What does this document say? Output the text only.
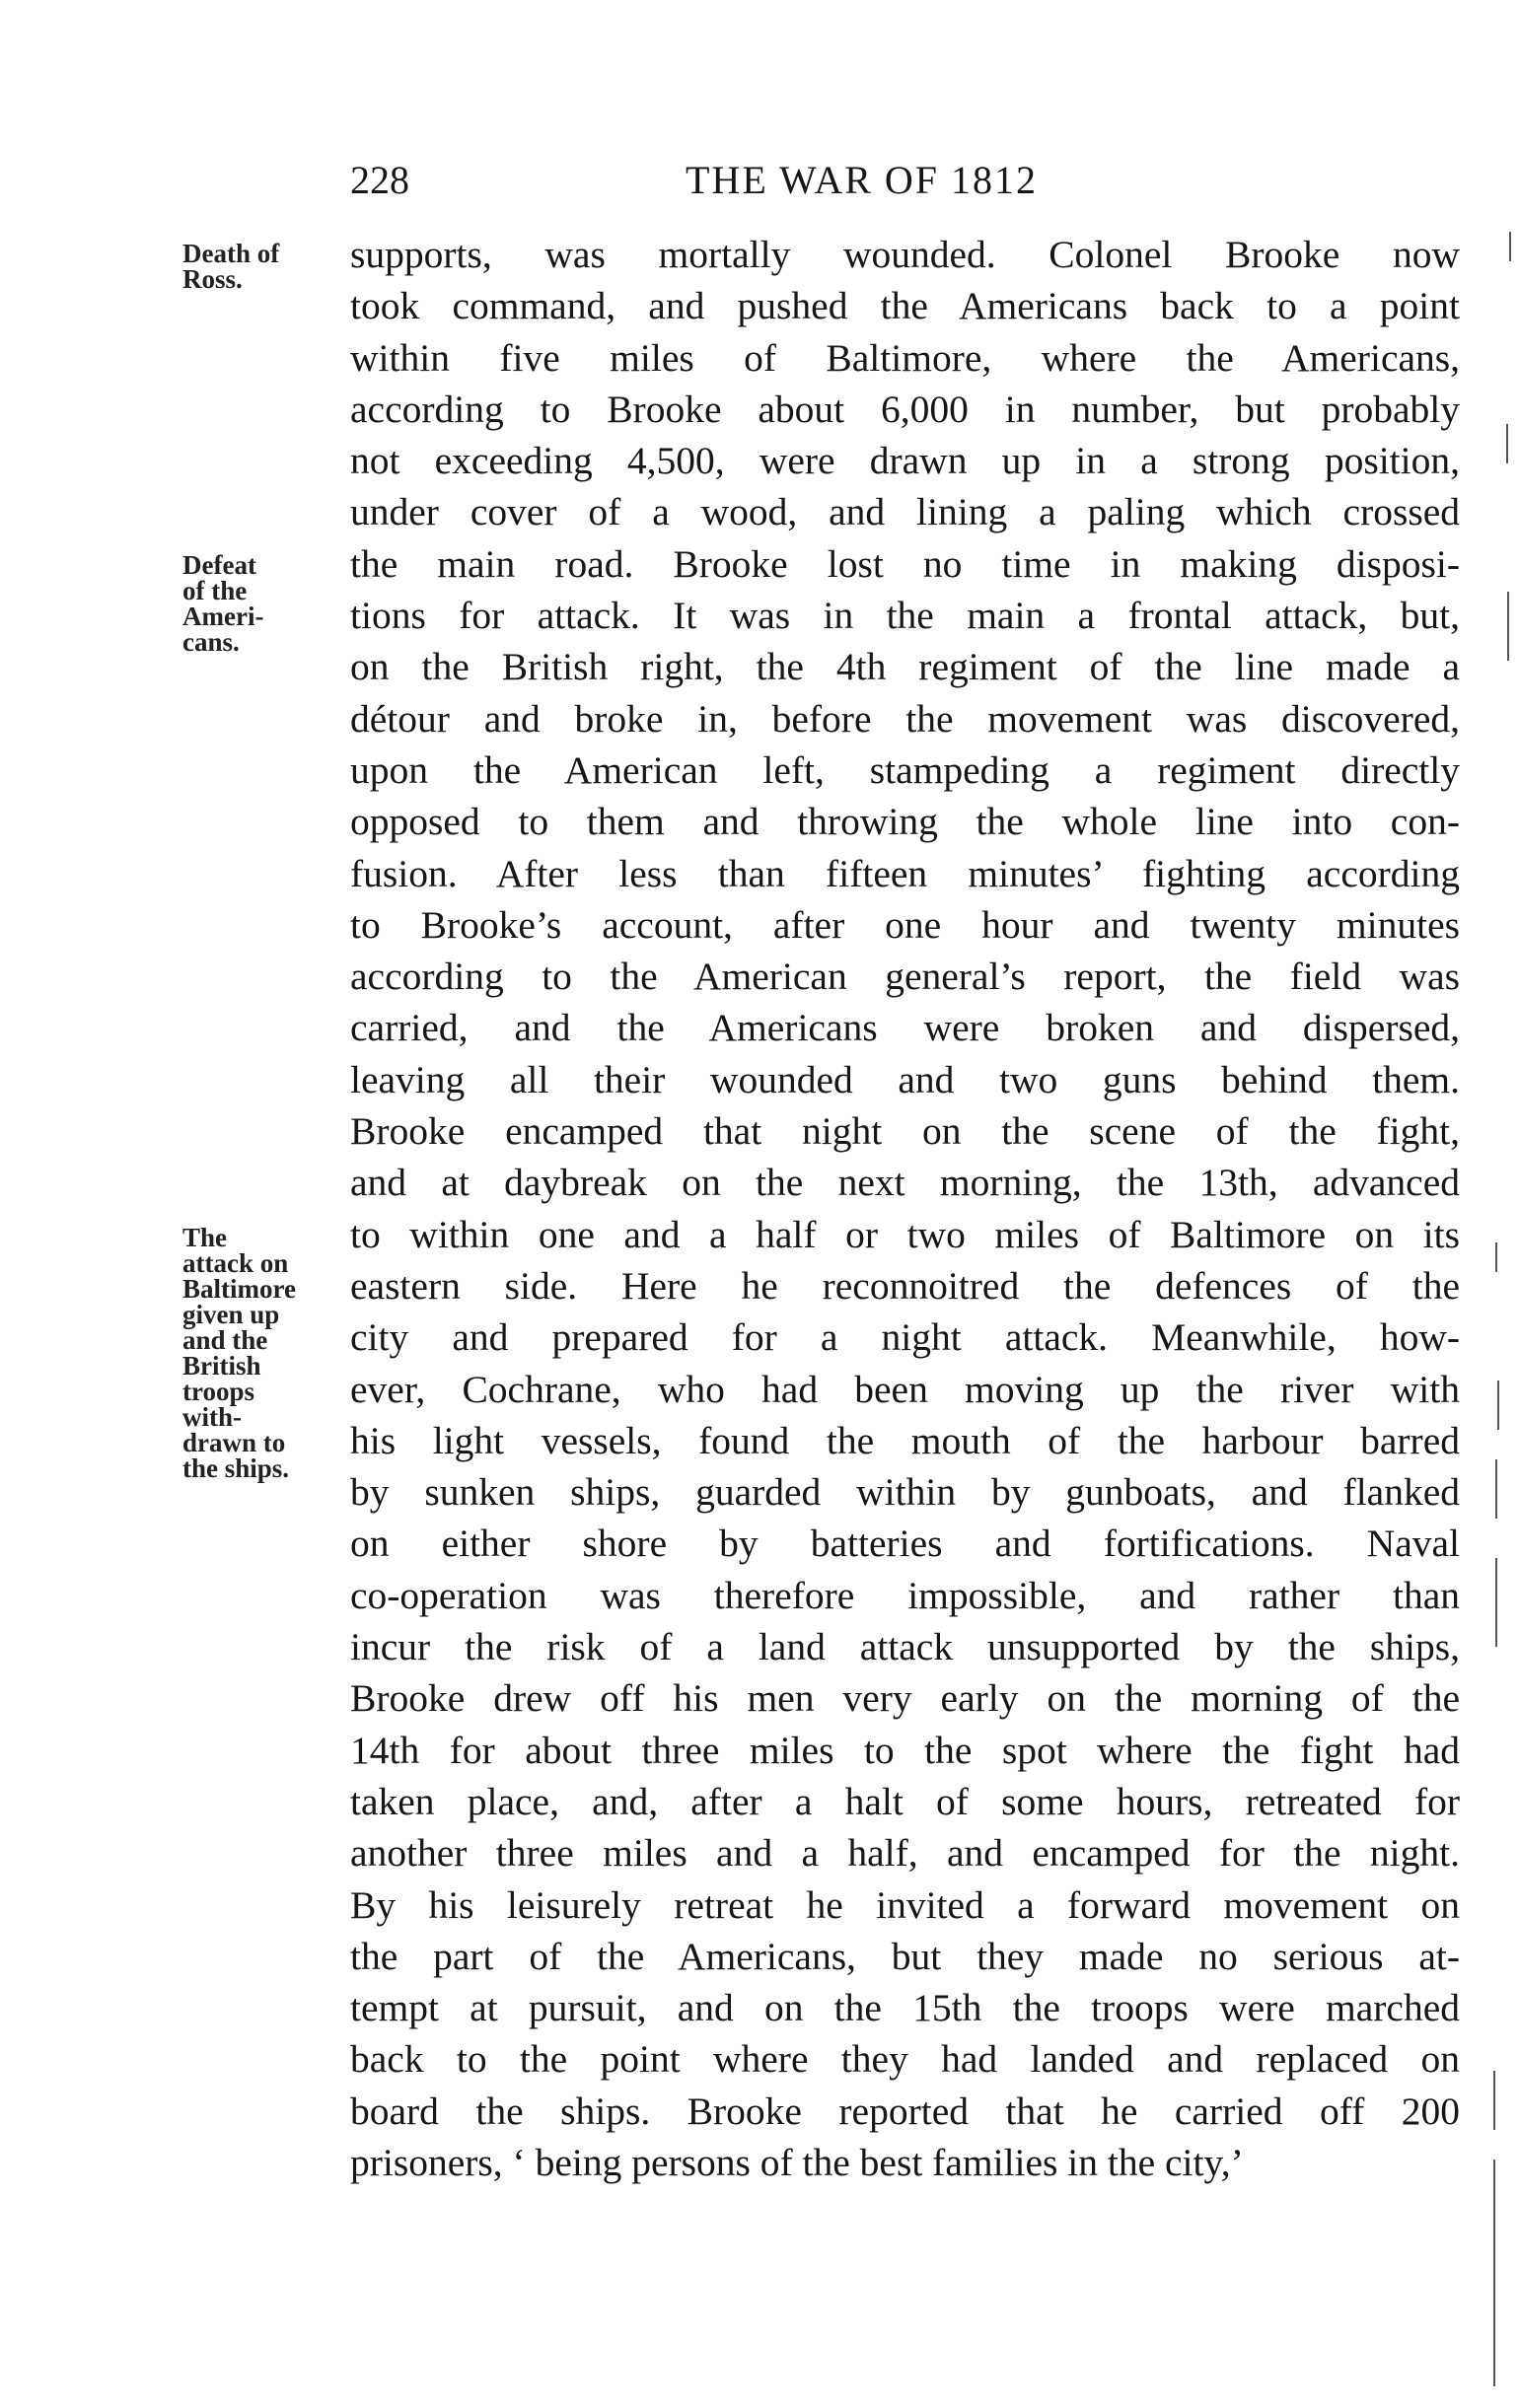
228	THE WAR OF 1812
Death of
Ross.
Defeat
of the
Ameri-
cans.
The
attack on
Baltimore
given up
and the
British
troops
with-
drawn to
the ships.
supports, was mortally wounded. Colonel Brooke now
took command, and pushed the Americans back to a point
within five miles of Baltimore, where the Americans,
according to Brooke about 6,000 in number, but probably
not exceeding 4,500, were drawn up in a strong position,
under cover of a wood, and lining a paling which crossed
the main road. Brooke lost no time in making disposi-
tions for attack. It was in the main a frontal attack, but,
on the British right, the 4th regiment of the line made a
détour and broke in, before the movement was discovered,
upon the American left, stampeding a regiment directly
opposed to them and throwing the whole line into con-
fusion. After less than fifteen minutes’ fighting according
to Brooke’s account, after one hour and twenty minutes
according to the American general’s report, the field was
carried, and the Americans were broken and dispersed,
leaving all their wounded and two guns behind them.
Brooke encamped that night on the scene of the fight,
and at daybreak on the next morning, the 13th, advanced
to within one and a half or two miles of Baltimore on its
eastern side. Here he reconnoitred the defences of the
city and prepared for a night attack. Meanwhile, how-
ever, Cochrane, who had been moving up the river with
his light vessels, found the mouth of the harbour barred
by sunken ships, guarded within by gunboats, and flanked
on either shore by batteries and fortifications. Naval
co-operation was therefore impossible, and rather than
incur the risk of a land attack unsupported by the ships,
Brooke drew off his men very early on the morning of the
14th for about three miles to the spot where the fight had
taken place, and, after a halt of some hours, retreated for
another three miles and a half, and encamped for the night.
By his leisurely retreat he invited a forward movement on
the part of the Americans, but they made no serious at-
tempt at pursuit, and on the 15th the troops were marched
back to the point where they had landed and replaced on
board the ships. Brooke reported that he carried off 200
prisoners, ‘ being persons of the best families in the city,’
